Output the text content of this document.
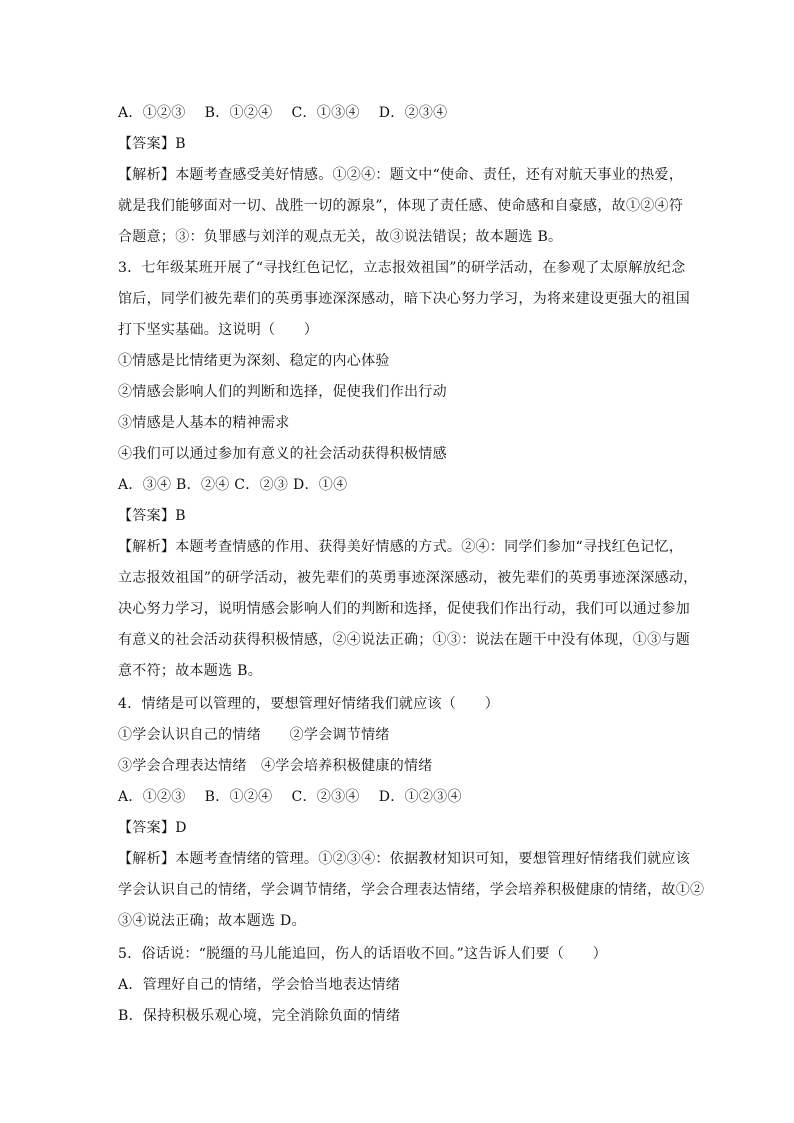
A．①②③　 B．①②④　 C．①③④　 D．②③④
【答案】B
【解析】本题考查感受美好情感。①②④：题文中“使命、责任，还有对航天事业的热爱，
就是我们能够面对一切、战胜一切的源泉”，体现了责任感、使命感和自豪感，故①②④符
合题意；③：负罪感与刘洋的观点无关，故③说法错误；故本题选 B。
3．七年级某班开展了“寻找红色记忆，立志报效祖国”的研学活动，在参观了太原解放纪念
馆后，同学们被先辈们的英勇事迹深深感动，暗下决心努力学习，为将来建设更强大的祖国
打下坚实基础。这说明（　　）
①情感是比情绪更为深刻、稳定的内心体验
②情感会影响人们的判断和选择，促使我们作出行动
③情感是人基本的精神需求
④我们可以通过参加有意义的社会活动获得积极情感
A．③④ B．②④ C．②③ D．①④
【答案】B
【解析】本题考查情感的作用、获得美好情感的方式。②④：同学们参加“寻找红色记忆，
立志报效祖国”的研学活动，被先辈们的英勇事迹深深感动，被先辈们的英勇事迹深深感动，
决心努力学习，说明情感会影响人们的判断和选择，促使我们作出行动，我们可以通过参加
有意义的社会活动获得积极情感，②④说法正确；①③：说法在题干中没有体现，①③与题
意不符；故本题选 B。
4．情绪是可以管理的，要想管理好情绪我们就应该（　　）
①学会认识自己的情绪　　②学会调节情绪
③学会合理表达情绪　④学会培养积极健康的情绪
A．①②③　 B．①②④　 C．②③④　 D．①②③④
【答案】D
【解析】本题考查情绪的管理。①②③④：依据教材知识可知，要想管理好情绪我们就应该
学会认识自己的情绪，学会调节情绪，学会合理表达情绪，学会培养积极健康的情绪，故①②
③④说法正确；故本题选 D。
5．俗话说：“脱缰的马儿能追回，伤人的话语收不回。”这告诉人们要（　　）
A．管理好自己的情绪，学会恰当地表达情绪
B．保持积极乐观心境，完全消除负面的情绪
